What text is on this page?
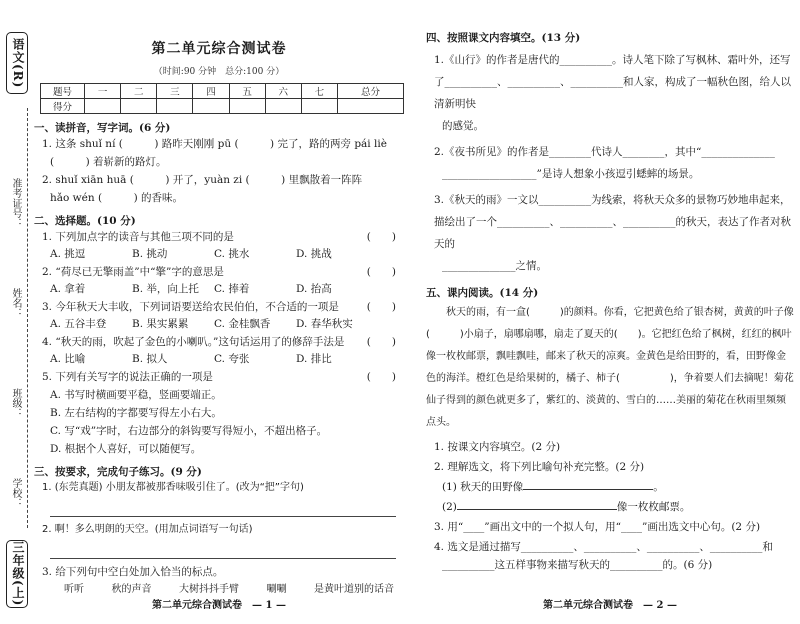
语文(R)
准考证号：
姓名：
班级：
学校：
三年级(上)
第二单元综合测试卷
（时间:90 分钟　总分:100 分）
题号	一	二	三	四	五	六	七	总分
得分								
一、读拼音，写字词。(6 分)
1. 这条 shuǐ ní (　　　) 路昨天刚刚 pū (　　　) 完了，路的两旁 pái liè
(　　　) 着崭新的路灯。
2. shuǐ xiān huā (　　　) 开了，yuàn zi (　　　) 里飘散着一阵阵
hǎo wén (　　　) 的香味。
二、选择题。(10 分)
1. 下列加点字的读音与其他三项不同的是	(　　)
A. 挑逗	B. 挑动	C. 挑水	D. 挑战
2. “荷尽已无擎雨盖”中“擎”字的意思是	(　　)
A. 拿着	B. 举，向上托	C. 捧着	D. 抬高
3. 今年秋天大丰收，下列词语要送给农民伯伯，不合适的一项是	(　　)
A. 五谷丰登	B. 果实累累	C. 金桂飘香	D. 春华秋实
4. “秋天的雨，吹起了金色的小喇叭。”这句话运用了的修辞手法是 (　　)
A. 比喻	B. 拟人	C. 夸张	D. 排比
5. 下列有关写字的说法正确的一项是	(　　)
A. 书写时横画要平稳，竖画要端正。
B. 左右结构的字都要写得左小右大。
C. 写“戏”字时，右边部分的斜钩要写得短小，不超出格子。
D. 根据个人喜好，可以随便写。
三、按要求，完成句子练习。(9 分)
1. (东莞真题) 小朋友都被那香味吸引住了。(改为“把”字句)
2. 啊！多么明朗的天空。(用加点词语写一句话)
3. 给下列句中空白处加入恰当的标点。
听听	秋的声音	大树抖抖手臂	唰唰	是黄叶道别的话音
第二单元综合测试卷　— 1 —
四、按照课文内容填空。(13 分)
1.《山行》的作者是唐代的__________。诗人笔下除了写枫林、霜叶外，还写了__________、__________、__________和人家，构成了一幅秋色图，给人以清新明快
的感觉。
2.《夜书所见》的作者是________代诗人________，其中“______________
__________________”是诗人想象小孩逗引蟋蟀的场景。
3.《秋天的雨》一文以__________为线索，将秋天众多的景物巧妙地串起来，描绘出了一个__________、__________、__________的秋天，表达了作者对秋天的
______________之情。
五、课内阅读。(14 分)
秋天的雨，有一盒(　　　)的颜料。你看，它把黄色给了银杏树，黄黄的叶子像(　　　)小扇子，扇哪扇哪，扇走了夏天的(　　)。它把红色给了枫树，红红的枫叶像一枚枚邮票，飘哇飘哇，邮来了秋天的凉爽。金黄色是给田野的，看，田野像金色的海洋。橙红色是给果树的，橘子、柿子(　　　　　)，争着要人们去摘呢！菊花仙子得到的颜色就更多了，紫红的、淡黄的、雪白的……美丽的菊花在秋雨里频频点头。
1. 按课文内容填空。(2 分)
2. 理解选文，将下列比喻句补充完整。(2 分)
(1) 秋天的田野像	。
(2)	像一枚枚邮票。
3. 用“____”画出文中的一个拟人句，用“____”画出选文中心句。(2 分)
4. 选文是通过描写__________、__________、__________、__________和
__________这五样事物来描写秋天的__________的。(6 分)
第二单元综合测试卷　— 2 —
